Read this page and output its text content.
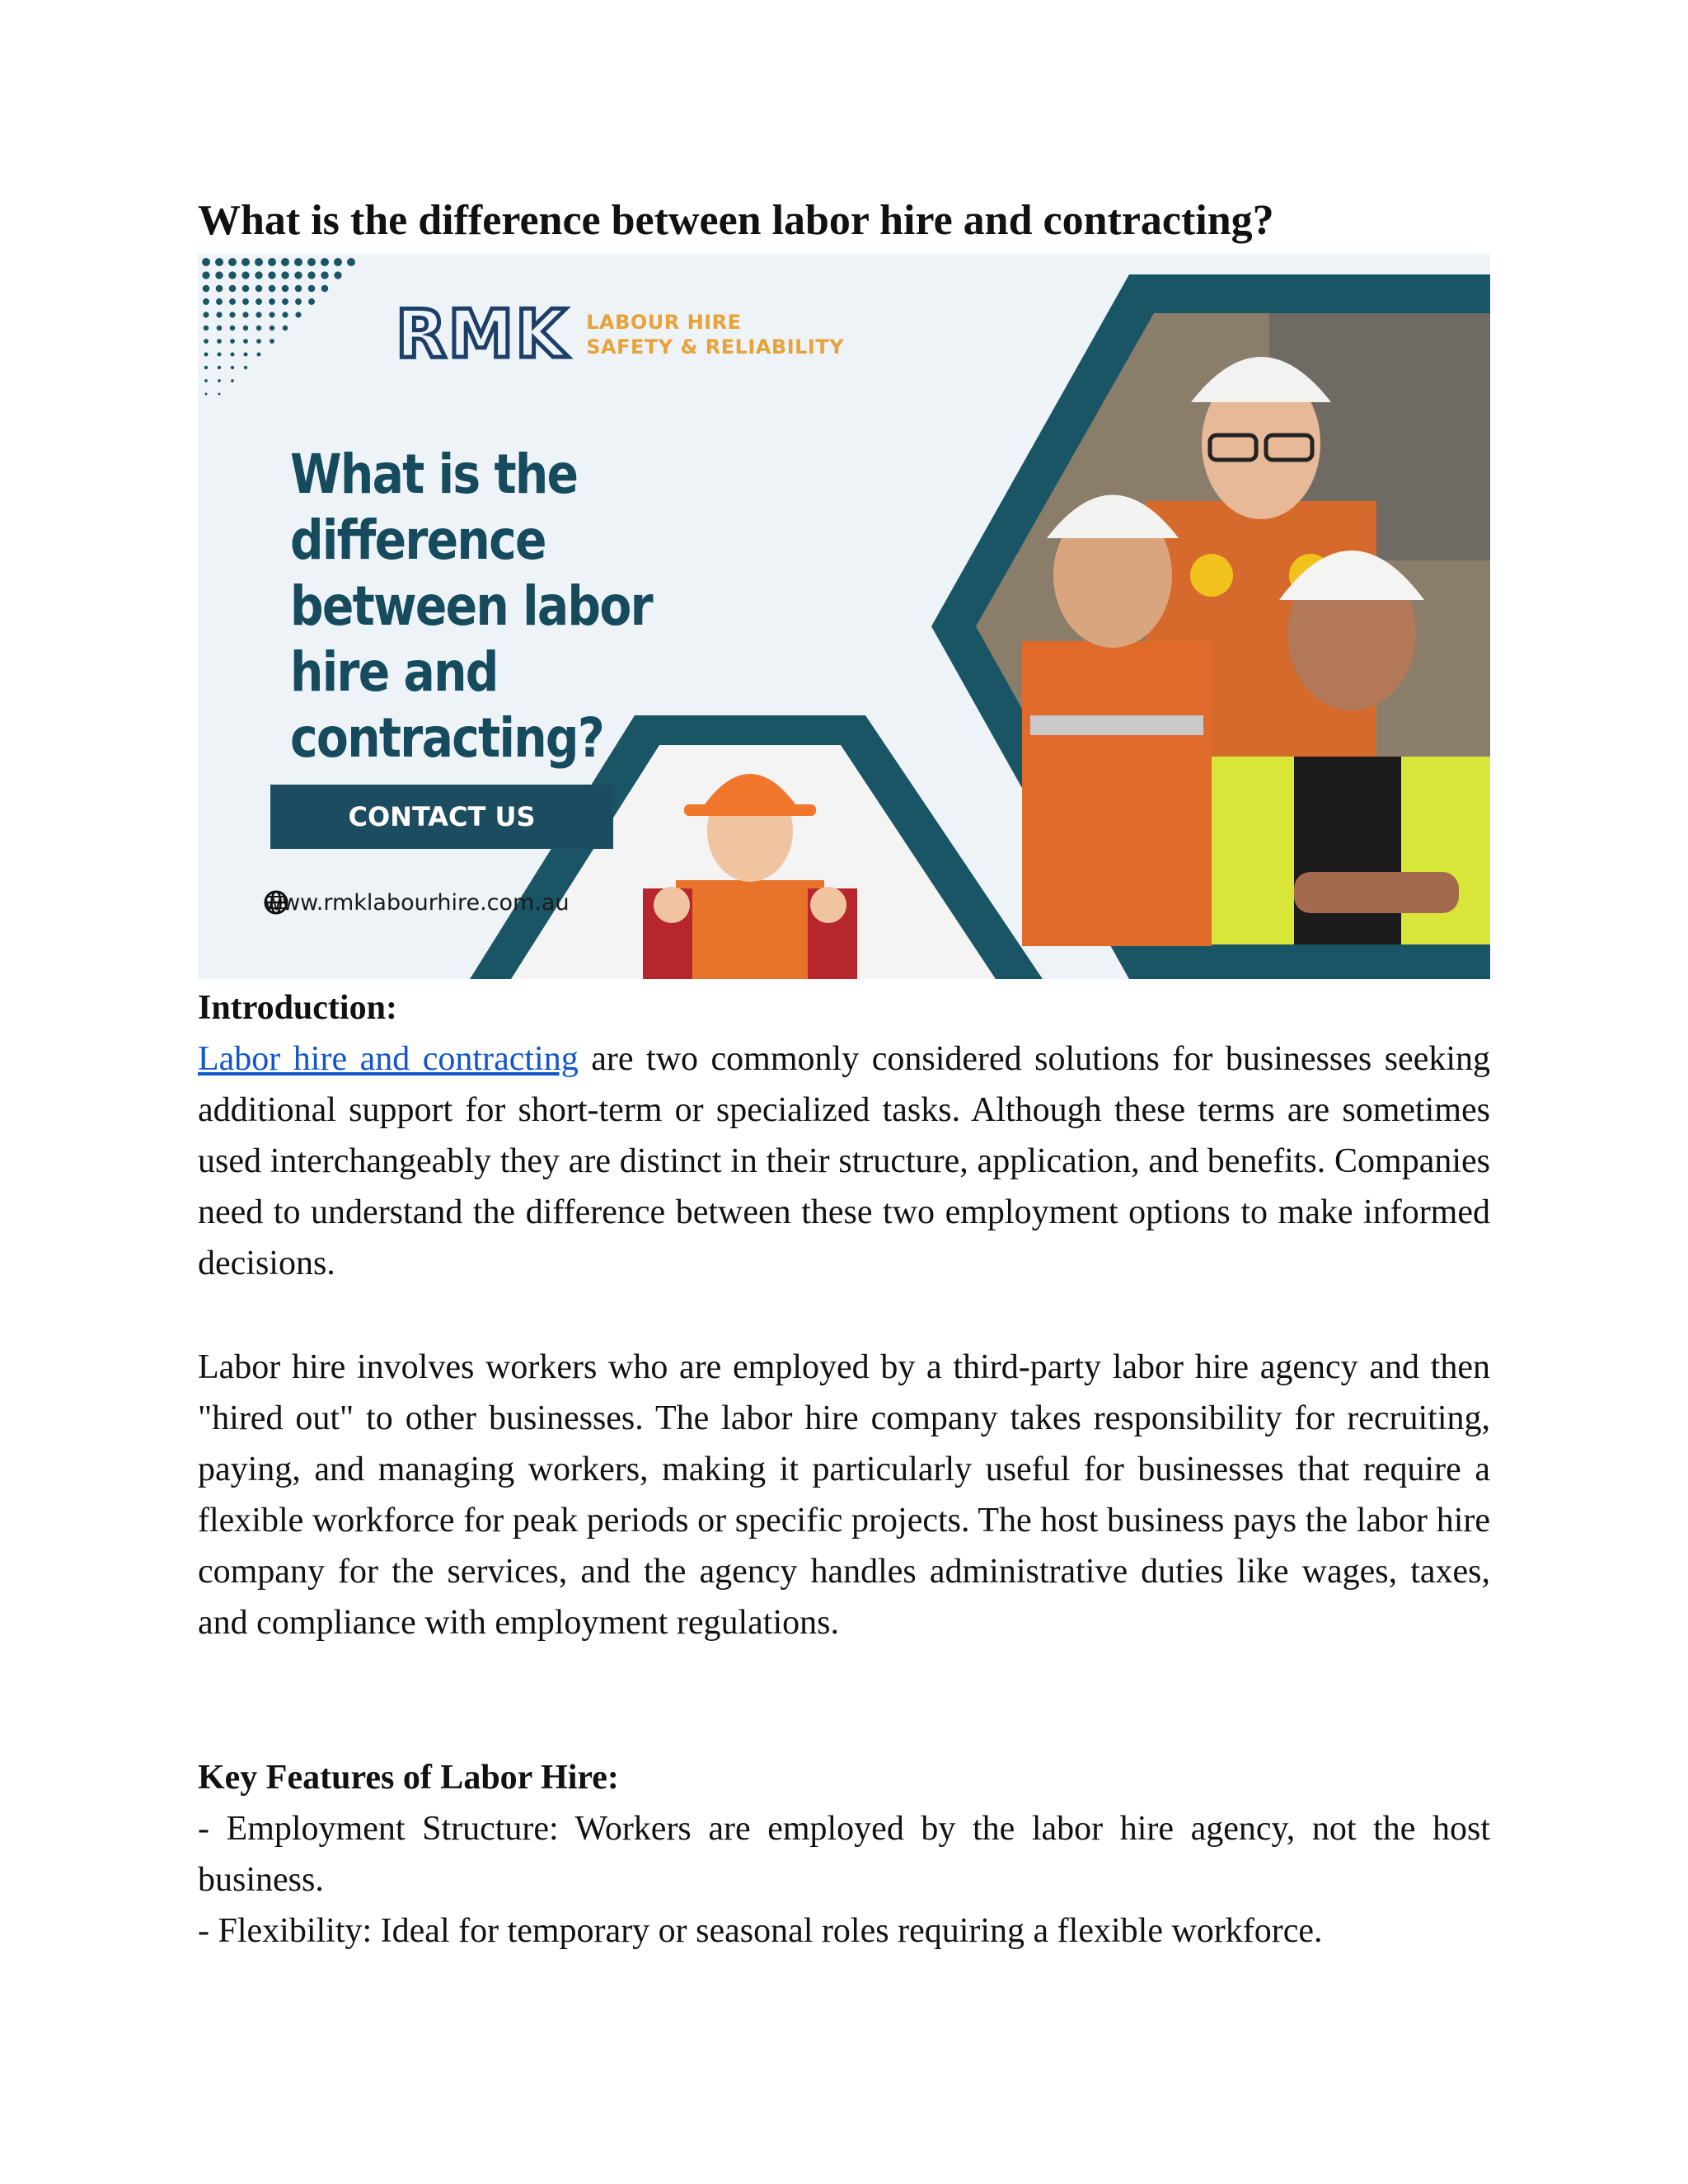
What is the difference between labor hire and contracting?
RMK LABOUR HIRE
SAFETY & RELIABILITY
What is the difference
between labor hire and
contracting?
CONTACT US
www.rmklabourhire.com.au
Introduction:

Labor hire and contracting are two commonly considered solutions for businesses seeking additional support for short-term or specialized tasks. Although these terms are sometimes used interchangeably they are distinct in their structure, application, and benefits. Companies need to understand the difference between these two employment options to make informed decisions.

Labor hire involves workers who are employed by a third-party labor hire agency and then "hired out" to other businesses. The labor hire company takes responsibility for recruiting, paying, and managing workers, making it particularly useful for businesses that require a flexible workforce for peak periods or specific projects. The host business pays the labor hire company for the services, and the agency handles administrative duties like wages, taxes, and compliance with employment regulations.

Key Features of Labor Hire:

- Employment Structure: Workers are employed by the labor hire agency, not the host business.

- Flexibility: Ideal for temporary or seasonal roles requiring a flexible workforce.
